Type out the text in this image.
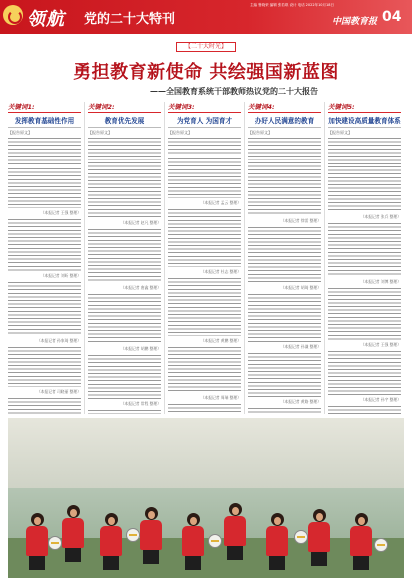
领航 党的二十大特刊
主编 鲁晓荣 编辑 张若琪 设计 电话 2022年10月18日
中国教育报 04
【二十大时光】
勇担教育新使命 共绘强国新蓝图
——全国教育系统干部教师热议党的二十大报告
关键词1:
发挥教育基础性作用
【报告原文】
（本报记者 王强 整理）
（本报记者 刘昕 整理）
（本报记者 孙家琦 整理）
（本报记者 司晓丽 整理）
关键词2:
教育优先发展
【报告原文】
（本报记者 赵凡 整理）
（本报记者 唐鑫 整理）
（本报记者 胡鹏 整理）
（本报记者 常程 整理）
关键词3:
为党育人 为国育才
【报告原文】
（本报记者 孟云 整理）
（本报记者 杜志 整理）
（本报记者 黄鹏 整理）
（本报记者 周瑞 整理）
关键词4:
办好人民满意的教育
【报告原文】
（本报记者 徐雷 整理）
（本报记者 胡琦 整理）
（本报记者 孙谦 整理）
（本报记者 黄路 整理）
关键词5:
加快建设高质量教育体系
【报告原文】
（本报记者 张兵 整理）
（本报记者 刘博 整理）
（本报记者 王强 整理）
（本报记者 孙宇 整理）
